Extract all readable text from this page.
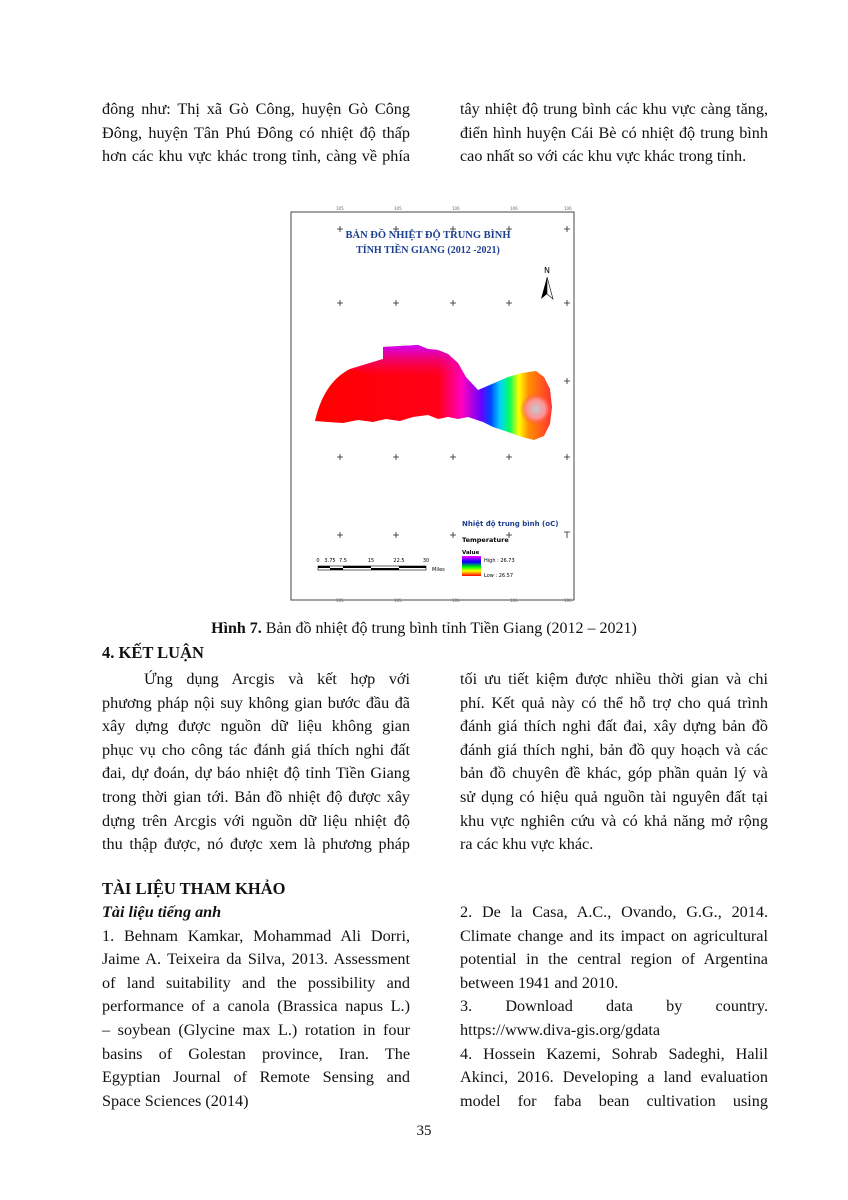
đông như: Thị xã Gò Công, huyện Gò Công

Đông, huyện Tân Phú Đông có nhiệt độ thấp

hơn các khu vực khác trong tỉnh, càng về phía

tây nhiệt độ trung bình các khu vực càng tăng,

điển hình huyện Cái Bè có nhiệt độ trung bình

cao nhất so với các khu vực khác trong tỉnh.

105	105	106	106	106
105	105	106	106	106
BẢN ĐỒ NHIỆT ĐỘ TRUNG BÌNH
TỈNH TIỀN GIANG (2012 -2021)
N
0 3.75 7.5	15	22.5	30
Miles
Nhiệt độ trung bình (oC)
Temperature
Value
High : 26.73
Low : 26.57
Hình 7. Bản đồ nhiệt độ trung bình tỉnh Tiền Giang (2012 – 2021)
4. KẾT LUẬN

Ứng dụng Arcgis và kết hợp với

phương pháp nội suy không gian bước đầu đã

xây dựng được nguồn dữ liệu không gian

phục vụ cho công tác đánh giá thích nghi đất

đai, dự đoán, dự báo nhiệt độ tỉnh Tiền Giang

trong thời gian tới. Bản đồ nhiệt độ được xây

dựng trên Arcgis với nguồn dữ liệu nhiệt độ

thu thập được, nó được xem là phương pháp

tối ưu tiết kiệm được nhiều thời gian và chi

phí. Kết quả này có thể hỗ trợ cho quá trình

đánh giá thích nghi đất đai, xây dựng bản đồ

đánh giá thích nghi, bản đồ quy hoạch và các

bản đồ chuyên đề khác, góp phần quản lý và

sử dụng có hiệu quả nguồn tài nguyên đất tại

khu vực nghiên cứu và có khả năng mở rộng

ra các khu vực khác.

TÀI LIỆU THAM KHẢO

Tài liệu tiếng anh

1. Behnam Kamkar, Mohammad Ali Dorri,

Jaime A. Teixeira da Silva, 2013. Assessment

of land suitability and the possibility and

performance of a canola (Brassica napus L.)

– soybean (Glycine max L.) rotation in four

basins of Golestan province, Iran. The

Egyptian Journal of Remote Sensing and

Space Sciences (2014)

2. De la Casa, A.C., Ovando, G.G., 2014.

Climate change and its impact on agricultural

potential in the central region of Argentina

between 1941 and 2010.

3. Download data by country.

https://www.diva-gis.org/gdata

4. Hossein Kazemi, Sohrab Sadeghi, Halil

Akinci, 2016. Developing a land evaluation

model for faba bean cultivation using

35
